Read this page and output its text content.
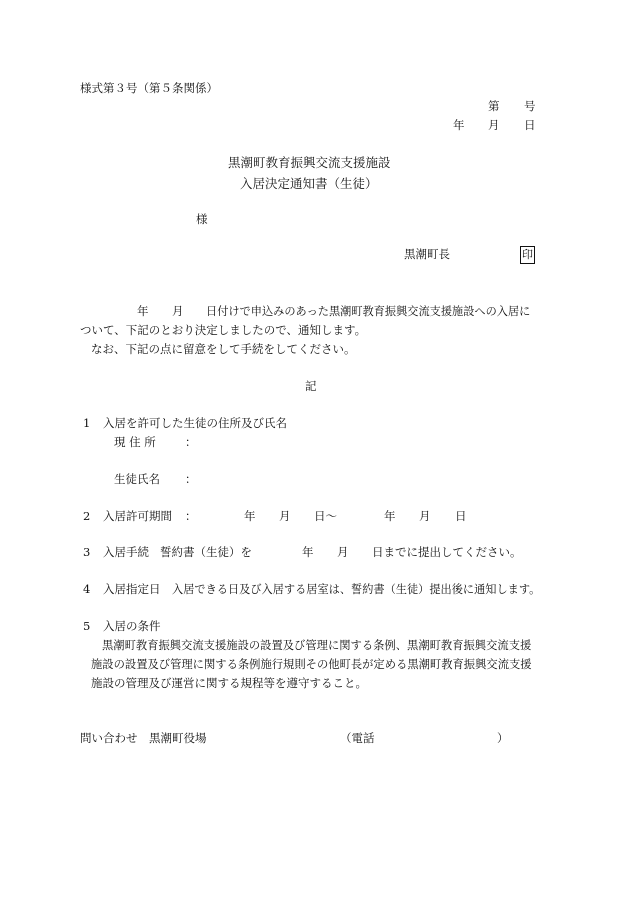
様式第３号（第５条関係）
第 号
年 月 日
黒潮町教育振興交流支援施設
入居決定通知書（生徒）
様
黒潮町長	印
年 月 日付けで申込みのあった黒潮町教育振興交流支援施設への入居に
ついて、下記のとおり決定しましたので、通知します。
なお、下記の点に留意をして手続をしてください。
記
1 入居を許可した生徒の住所及び氏名
現 住 所	：
生徒氏名 ：
2 入居許可期間 ：	年 月 日～	年 月 日
3 入居手続 誓約書（生徒）を	年 月 日までに提出してください。
4 入居指定日 入居できる日及び入居する居室は、誓約書（生徒）提出後に通知します。
5 入居の条件
黒潮町教育振興交流支援施設の設置及び管理に関する条例、黒潮町教育振興交流支援
施設の設置及び管理に関する条例施行規則その他町長が定める黒潮町教育振興交流支援
施設の管理及び運営に関する規程等を遵守すること。
問い合わせ 黒潮町役場	（電話	）
